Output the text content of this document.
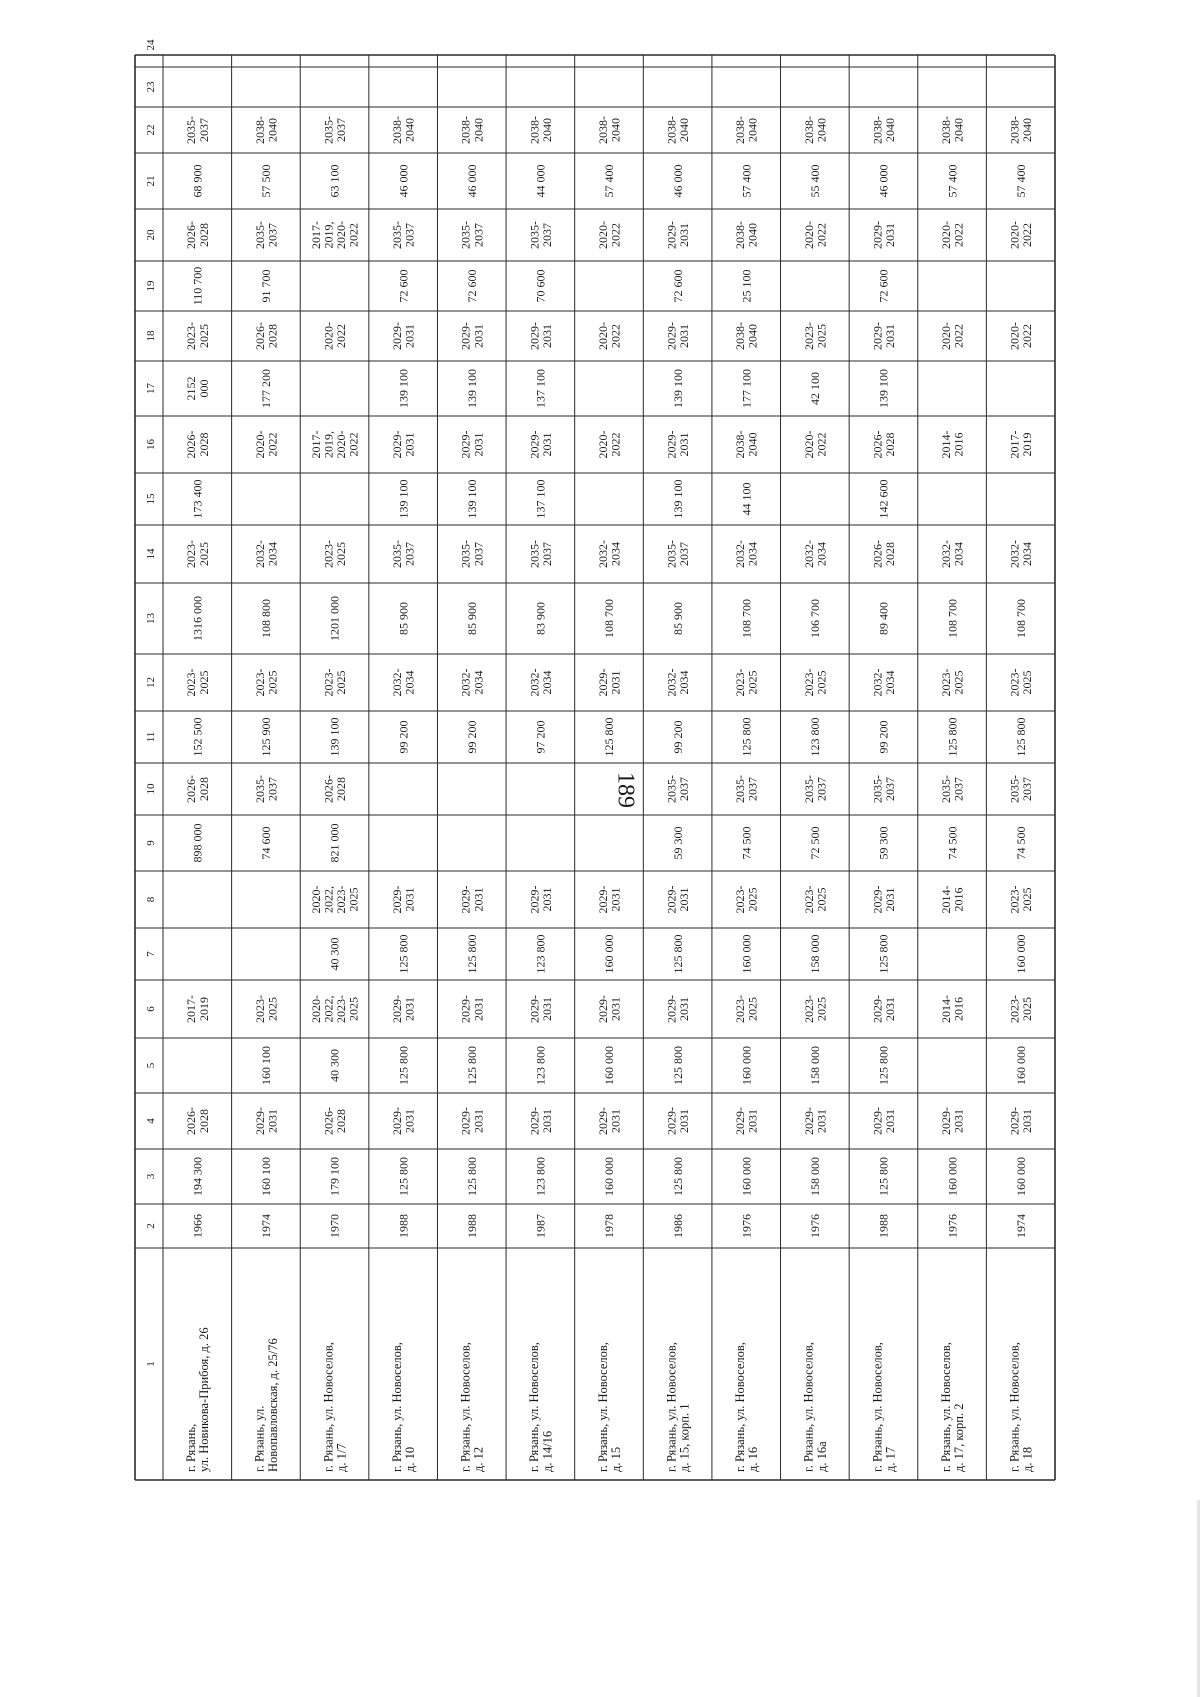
189
1
2
3
4
5
6
7
8
9
10
11
12
13
14
15
16
17
18
19
20
21
22
23
24
г. Рязань, ул. Новикова-Прибоя, д. 26
1966
194 300
2026-
2028
2017-
2019
898 000
2026-
2028
152 500
2023-
2025
1316 000
2023-
2025
173 400
2026-
2028
2152
000
2023-
2025
110 700
2026-
2028
68 900
2035-
2037
г. Рязань, ул. Новопавловская, д. 25/76
1974
160 100
2029-
2031
160 100
2023-
2025
74 600
2035-
2037
125 900
2023-
2025
108 800
2032-
2034
2020-
2022
177 200
2026-
2028
91 700
2035-
2037
57 500
2038-
2040
г. Рязань, ул. Новоселов, д. 1/7
1970
179 100
2026-
2028
40 300
2020-
2022,
2023-
2025
40 300
2020-
2022,
2023-
2025
821 000
2026-
2028
139 100
2023-
2025
1201 000
2023-
2025
2017-
2019,
2020-
2022
2020-
2022
2017-
2019,
2020-
2022
63 100
2035-
2037
г. Рязань, ул. Новоселов, д. 10
1988
125 800
2029-
2031
125 800
2029-
2031
125 800
2029-
2031
99 200
2032-
2034
85 900
2035-
2037
139 100
2029-
2031
139 100
2029-
2031
72 600
2035-
2037
46 000
2038-
2040
г. Рязань, ул. Новоселов, д. 12
1988
125 800
2029-
2031
125 800
2029-
2031
125 800
2029-
2031
99 200
2032-
2034
85 900
2035-
2037
139 100
2029-
2031
139 100
2029-
2031
72 600
2035-
2037
46 000
2038-
2040
г. Рязань, ул. Новоселов, д. 14/16
1987
123 800
2029-
2031
123 800
2029-
2031
123 800
2029-
2031
97 200
2032-
2034
83 900
2035-
2037
137 100
2029-
2031
137 100
2029-
2031
70 600
2035-
2037
44 000
2038-
2040
г. Рязань, ул. Новоселов, д. 15
1978
160 000
2029-
2031
160 000
2029-
2031
160 000
2029-
2031
125 800
2029-
2031
108 700
2032-
2034
2020-
2022
2020-
2022
2020-
2022
57 400
2038-
2040
г. Рязань, ул. Новоселов, д. 15, корп. 1
1986
125 800
2029-
2031
125 800
2029-
2031
125 800
2029-
2031
59 300
2035-
2037
99 200
2032-
2034
85 900
2035-
2037
139 100
2029-
2031
139 100
2029-
2031
72 600
2029-
2031
46 000
2038-
2040
г. Рязань, ул. Новоселов, д. 16
1976
160 000
2029-
2031
160 000
2023-
2025
160 000
2023-
2025
74 500
2035-
2037
125 800
2023-
2025
108 700
2032-
2034
44 100
2038-
2040
177 100
2038-
2040
25 100
2038-
2040
57 400
2038-
2040
г. Рязань, ул. Новоселов, д. 16а
1976
158 000
2029-
2031
158 000
2023-
2025
158 000
2023-
2025
72 500
2035-
2037
123 800
2023-
2025
106 700
2032-
2034
2020-
2022
42 100
2023-
2025
2020-
2022
55 400
2038-
2040
г. Рязань, ул. Новоселов, д. 17
1988
125 800
2029-
2031
125 800
2029-
2031
125 800
2029-
2031
59 300
2035-
2037
99 200
2032-
2034
89 400
2026-
2028
142 600
2026-
2028
139 100
2029-
2031
72 600
2029-
2031
46 000
2038-
2040
г. Рязань, ул. Новоселов, д. 17, корп. 2
1976
160 000
2029-
2031
2014-
2016
2014-
2016
74 500
2035-
2037
125 800
2023-
2025
108 700
2032-
2034
2014-
2016
2020-
2022
2020-
2022
57 400
2038-
2040
г. Рязань, ул. Новоселов, д. 18
1974
160 000
2029-
2031
160 000
2023-
2025
160 000
2023-
2025
74 500
2035-
2037
125 800
2023-
2025
108 700
2032-
2034
2017-
2019
2020-
2022
2020-
2022
57 400
2038-
2040
